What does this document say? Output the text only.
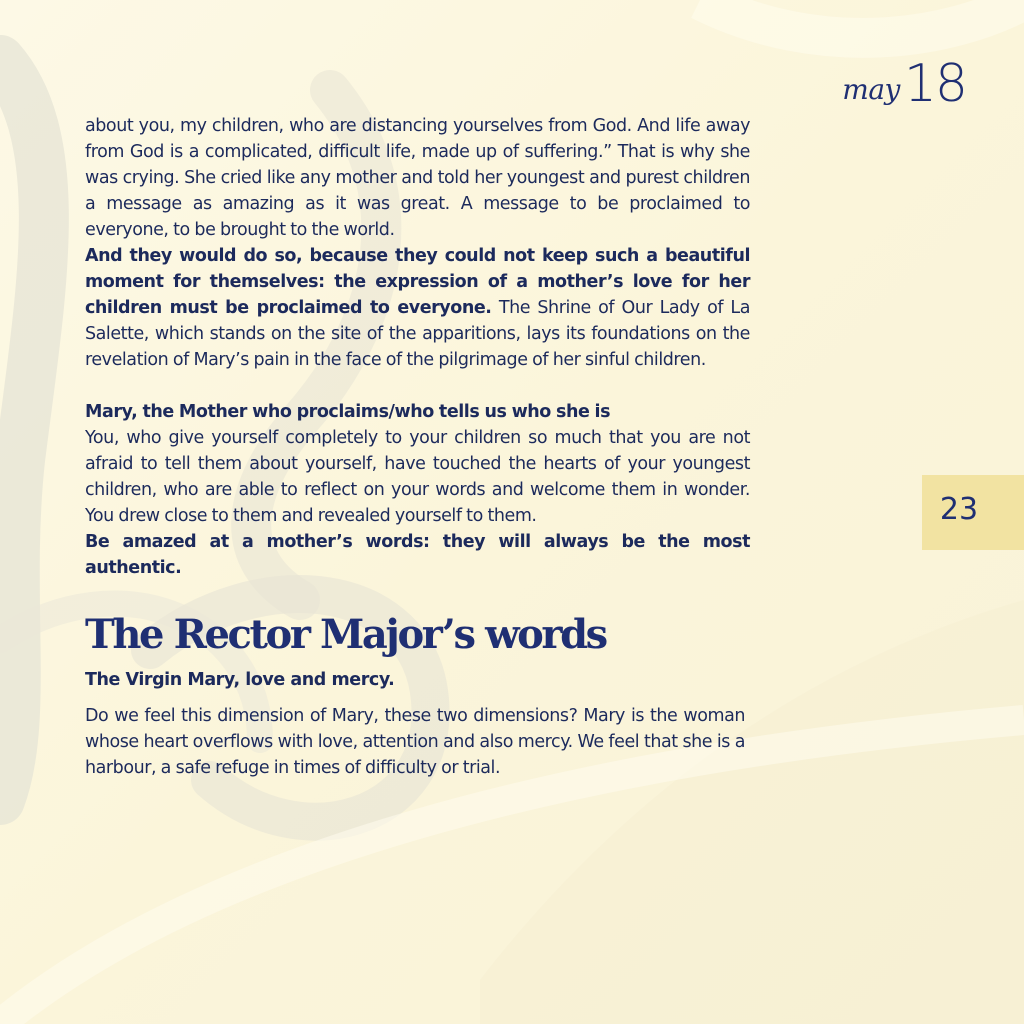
may 18
23

about you, my children, who are distancing yourselves from God. And life away from God is a complicated, difficult life, made up of suffering.” That is why she was crying. She cried like any mother and told her youngest and purest children a message as amazing as it was great. A message to be proclaimed to everyone, to be brought to the world.

And they would do so, because they could not keep such a beautiful moment for themselves: the expression of a mother’s love for her children must be proclaimed to everyone. The Shrine of Our Lady of La Salette, which stands on the site of the apparitions, lays its foundations on the revelation of Mary’s pain in the face of the pilgrimage of her sinful children.

Mary, the Mother who proclaims/who tells us who she is

You, who give yourself completely to your children so much that you are not afraid to tell them about yourself, have touched the hearts of your youngest children, who are able to reflect on your words and welcome them in wonder. You drew close to them and revealed yourself to them.

Be amazed at a mother’s words: they will always be the most authentic.

The Rector Major’s words

The Virgin Mary, love and mercy.

Do we feel this dimension of Mary, these two dimensions? Mary is the woman whose heart overflows with love, attention and also mercy. We feel that she is a harbour, a safe refuge in times of difficulty or trial.
